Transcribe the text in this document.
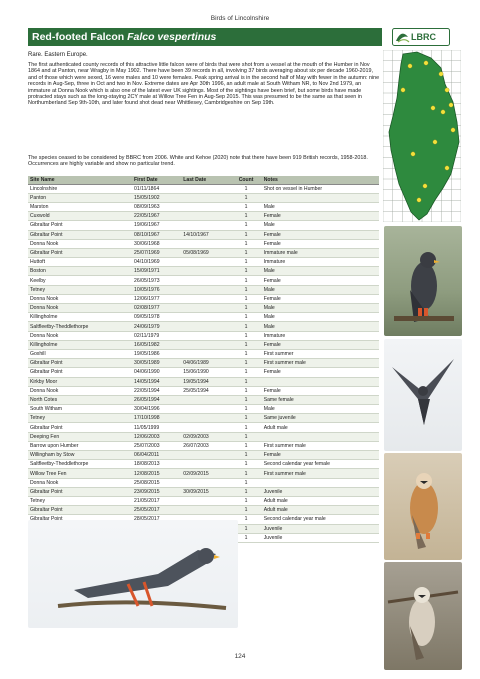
Birds of Lincolnshire
Red-footed Falcon Falco vespertinus	LBRC
Rare. Eastern Europe.
The first authenticated county records of this attractive little falcon were of birds that were shot from a vessel at the mouth of the Humber in Nov 1864 and at Panton, near Wragby in May 1902. There have been 39 records in all, involving 37 birds averaging about six per decade 1960-2019, and of those which were sexed, 16 were males and 10 were females. Peak spring arrival is in the second half of May with fewer in the autumn: nine records in Aug-Sep, three in Oct and two in Nov. Extreme dates are Apr 30th 1996, an adult male at South Witham NR, to Nov 2nd 1979, an immature at Donna Nook which is also one of the latest ever UK sightings. Most of the sightings have been brief, but some birds have made protracted stays such as the long-staying 2CY male at Willow Tree Fen in Aug-Sep 2015. This was presumed to be the same as that seen in Northumberland Sep 9th-10th, and later found shot dead near Whittlesey, Cambridgeshire on Sep 19th.
The species ceased to be considered by BBRC from 2006. White and Kehoe (2020) note that there have been 919 British records, 1958-2018. Occurrences are highly variable and show no particular trend.
Site Name	First Date	Last Date	Count	Notes
Lincolnshire	01/11/1864		1	Shot on vessel in Humber
Panton	15/05/1902		1	
Marston	08/09/1963		1	Male
Cuxwold	22/05/1967		1	Female
Gibraltar Point	19/06/1967		1	Male
Gibraltar Point	08/10/1967	14/10/1967	1	Female
Donna Nook	30/06/1968		1	Female
Gibraltar Point	25/07/1969	05/08/1969	1	Immature male
Huttoft	04/10/1969		1	Immature
Boston	15/09/1971		1	Male
Keelby	26/05/1973		1	Female
Tetney	10/05/1976		1	Male
Donna Nook	12/06/1977		1	Female
Donna Nook	02/08/1977		1	Male
Killingholme	09/05/1978		1	Male
Saltfleetby-Theddlethorpe	24/06/1979		1	Male
Donna Nook	02/11/1979		1	Immature
Killingholme	16/05/1982		1	Female
Goxhill	19/05/1986		1	First summer
Gibraltar Point	30/05/1989	04/06/1989	1	First summer male
Gibraltar Point	04/06/1990	15/06/1990	1	Female
Kirkby Moor	14/05/1994	19/05/1994	1	
Donna Nook	22/05/1994	25/05/1994	1	Female
North Cotes	26/05/1994		1	Same female
South Witham	30/04/1996		1	Male
Tetney	17/10/1998		1	Same juvenile
Gibraltar Point	11/05/1999		1	Adult male
Deeping Fen	12/06/2003	02/09/2003	1	
Barrow upon Humber	25/07/2003	26/07/2003	1	First summer male
Willingham by Stow	06/04/2011		1	Female
Saltfleetby-Theddlethorpe	18/08/2013		1	Second calendar year female
Willow Tree Fen	12/08/2015	02/09/2015	1	First summer male
Donna Nook	25/08/2015		1	
Gibraltar Point	23/09/2015	30/09/2015	1	Juvenile
Tetney	21/05/2017		1	Adult male
Gibraltar Point	25/05/2017		1	Adult male
			1	Second calendar year male
			1	Juvenile
			1	Juvenile
124
